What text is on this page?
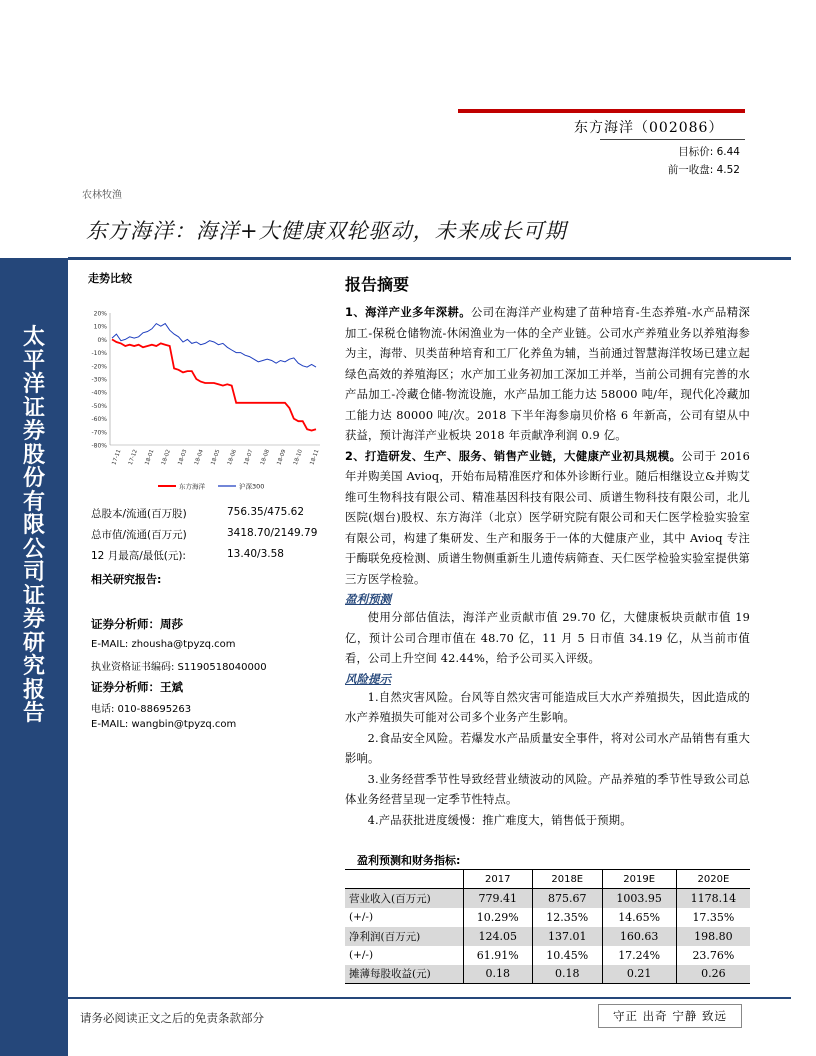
太
平
洋
证
券
股
份
有
限
公
司
证
券
研
究
报
告
东方海洋（002086）
目标价: 6.44
前一收盘: 4.52
农林牧渔
东方海洋：海洋+大健康双轮驱动，未来成长可期
走势比较
20%
10%
0%
-10%
-20%
-30%
-40%
-50%
-60%
-70%
-80%
17-11 17-12 18-01 18-02 18-03 18-04 18-05 18-06 18-07 18-08 18-09 18-10 18-11
东方海洋	沪深300
总股本/流通(百万股)	756.35/475.62
总市值/流通(百万元)	3418.70/2149.79
12 月最高/最低(元):	13.40/3.58
相关研究报告:
证券分析师：周莎
E-MAIL: zhousha@tpyzq.com
执业资格证书编码: S1190518040000
证券分析师：王斌
电话: 010-88695263
E-MAIL: wangbin@tpyzq.com
报告摘要
1、海洋产业多年深耕。公司在海洋产业构建了苗种培育-生态养殖-水产品精深加工-保税仓储物流-休闲渔业为一体的全产业链。公司水产养殖业务以养殖海参为主，海带、贝类苗种培育和工厂化养鱼为辅，当前通过智慧海洋牧场已建立起绿色高效的养殖海区；水产加工业务初加工深加工并举，当前公司拥有完善的水产品加工-冷藏仓储-物流设施，水产品加工能力达 58000 吨/年，现代化冷藏加工能力达 80000 吨/次。2018 下半年海参扇贝价格 6 年新高，公司有望从中获益，预计海洋产业板块 2018 年贡献净利润 0.9 亿。
2、打造研发、生产、服务、销售产业链，大健康产业初具规模。公司于 2016 年并购美国 Avioq，开始布局精准医疗和体外诊断行业。随后相继设立&并购艾维可生物科技有限公司、精准基因科技有限公司、质谱生物科技有限公司，北儿医院(烟台)股权、东方海洋（北京）医学研究院有限公司和天仁医学检验实验室有限公司，构建了集研发、生产和服务于一体的大健康产业，其中 Avioq 专注于酶联免疫检测、质谱生物侧重新生儿遗传病筛查、天仁医学检验实验室提供第三方医学检验。
盈利预测
使用分部估值法，海洋产业贡献市值 29.70 亿，大健康板块贡献市值 19 亿，预计公司合理市值在 48.70 亿，11 月 5 日市值 34.19 亿，从当前市值看，公司上升空间 42.44%，给予公司买入评级。
风险提示
1.自然灾害风险。台风等自然灾害可能造成巨大水产养殖损失，因此造成的水产养殖损失可能对公司多个业务产生影响。
2.食品安全风险。若爆发水产品质量安全事件，将对公司水产品销售有重大影响。
3.业务经营季节性导致经营业绩波动的风险。产品养殖的季节性导致公司总体业务经营呈现一定季节性特点。
4.产品获批进度缓慢：推广难度大，销售低于预期。
盈利预测和财务指标:
	2017	2018E	2019E	2020E
营业收入(百万元)	779.41	875.67	1003.95	1178.14
(+/-)	10.29%	12.35%	14.65%	17.35%
净利润(百万元)	124.05	137.01	160.63	198.80
(+/-)	61.91%	10.45%	17.24%	23.76%
摊薄每股收益(元)	0.18	0.18	0.21	0.26
请务必阅读正文之后的免责条款部分	守正 出奇 宁静 致远
